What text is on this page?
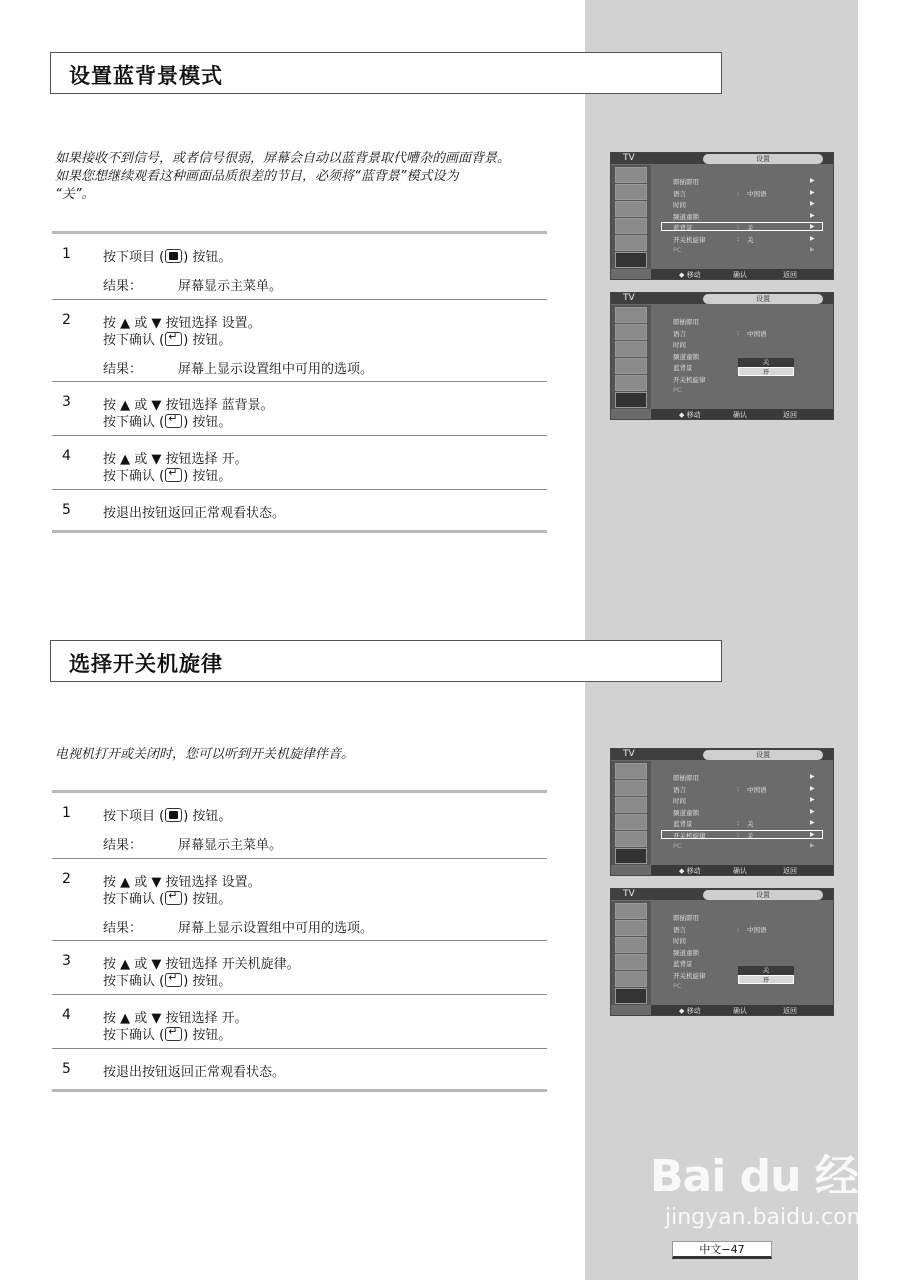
设置蓝背景模式
如果接收不到信号，或者信号很弱，屏幕会自动以蓝背景取代嘈杂的画面背景。
如果您想继续观看这种画面品质很差的节目，必须将“蓝背景”模式设为
“关”。
1 按下项目 ( ) 按钮。
结果：	屏幕显示主菜单。
2 按 ▲ 或 ▼ 按钮选择 设置。
按下确认 ( ↵ ) 按钮。
结果：	屏幕上显示设置组中可用的选项。
3 按 ▲ 或 ▼ 按钮选择 蓝背景。
按下确认 ( ↵ ) 按钮。
4 按 ▲ 或 ▼ 按钮选择 开。
按下确认 ( ↵ ) 按钮。
5 按退出按钮返回正常观看状态。
选择开关机旋律
电视机打开或关闭时，您可以听到开关机旋律伴音。
1 按下项目 ( ) 按钮。
结果：	屏幕显示主菜单。
2 按 ▲ 或 ▼ 按钮选择 设置。
按下确认 ( ↵ ) 按钮。
结果：	屏幕上显示设置组中可用的选项。
3 按 ▲ 或 ▼ 按钮选择 开关机旋律。
按下确认 ( ↵ ) 按钮。
4 按 ▲ 或 ▼ 按钮选择 开。
按下确认 ( ↵ ) 按钮。
5 按退出按钮返回正常观看状态。
TV	设置
即插即用	▶
语言	: 中国语	▶
时间	▶
频道童锁	▶
蓝背景	: 关	▶
开关机旋律	: 关	▶
PC	▶
◆ 移动	确认	返回
TV	设置
即插即用
语言	: 中国语
时间
频道童锁
蓝背景
开关机旋律
PC
关
开
◆ 移动	确认	返回
TV	设置
即插即用	▶
语言	: 中国语	▶
时间	▶
频道童锁	▶
蓝背景	: 关	▶
开关机旋律	: 关	▶
PC	▶
◆ 移动	确认	返回
TV	设置
即插即用
语言	: 中国语
时间
频道童锁
蓝背景
开关机旋律
PC
关
开
◆ 移动	确认	返回
中文−47
Bai du 经验
jingyan.baidu.com
